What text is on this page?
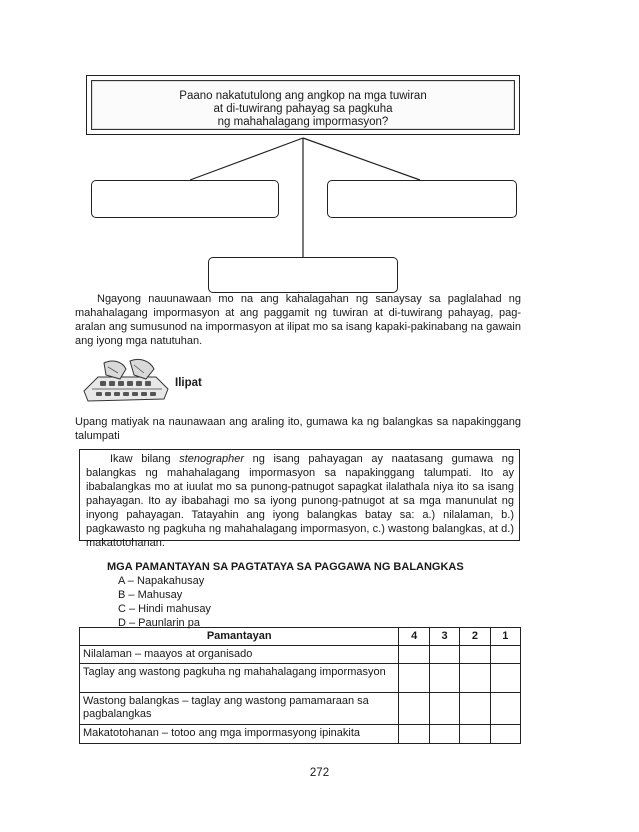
Paano nakatutulong ang angkop na mga tuwiran
at di-tuwirang pahayag sa pagkuha
ng mahahalagang impormasyon?

Ngayong nauunawaan mo na ang kahalagahan ng sanaysay sa paglalahad ng mahahalagang impormasyon at ang paggamit ng tuwiran at di-tuwirang pahayag, pag-aralan ang sumusunod na impormasyon at ilipat mo sa isang kapaki-pakinabang na gawain ang iyong mga natutuhan.

Ilipat

Upang matiyak na naunawaan ang araling ito, gumawa ka ng balangkas sa napakinggang talumpati

Ikaw bilang stenographer ng isang pahayagan ay naatasang gumawa ng balangkas ng mahahalagang impormasyon sa napakinggang talumpati. Ito ay ibabalangkas mo at iuulat mo sa punong-patnugot sapagkat ilalathala niya ito sa isang pahayagan. Ito ay ibabahagi mo sa iyong punong-patnugot at sa mga manunulat ng inyong pahayagan. Tatayahin ang iyong balangkas batay sa: a.) nilalaman, b.) pagkawasto ng pagkuha ng mahahalagang impormasyon, c.) wastong balangkas, at d.) makatotohanan.
MGA PAMANTAYAN SA PAGTATAYA SA PAGGAWA NG BALANGKAS
A – Napakahusay
B – Mahusay
C – Hindi mahusay
D – Paunlarin pa
Pamantayan	4	3	2	1
Nilalaman – maayos at organisado				
Taglay ang wastong pagkuha ng mahahalagang impormasyon				
Wastong balangkas – taglay ang wastong pamamaraan sa pagbalangkas				
Makatotohanan – totoo ang mga impormasyong ipinakita				
272
